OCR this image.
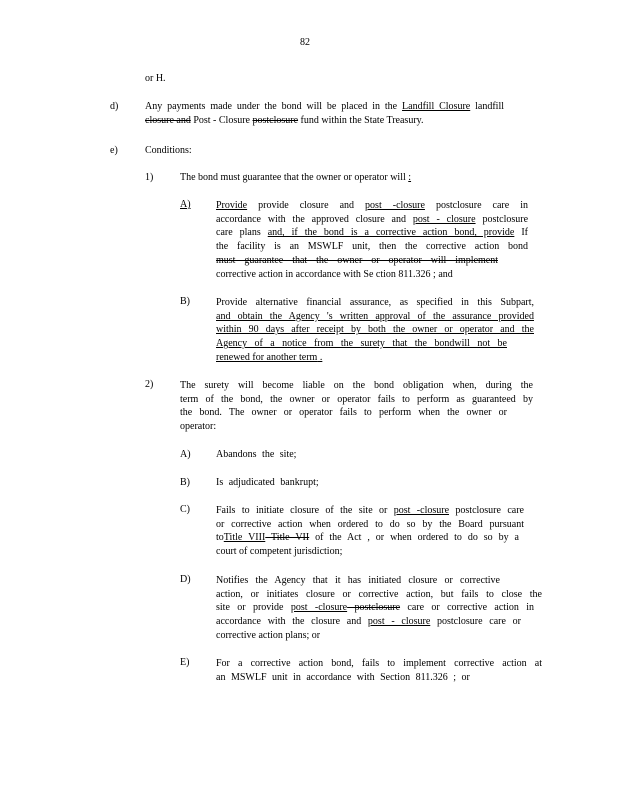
82
or H.
d)	Any payments made under the bond will be placed in the Landfill Closure landfill
closure and Post - Closure postclosure fund within the State Treasury.
e)	Conditions:
1)	The bond must guarantee that the owner or operator will :
A)	Provide provide closure and post -closure postclosure care in
accordance with the approved closure and post - closure postclosure
care plans and, if the bond is a corrective action bond, provide If
the facility is an MSWLF unit, then the corrective action bond
must guarantee that the owner or operator will implement
corrective action in accordance with Se ction 811.326 ; and
B)	Provide alternative financial assurance, as specified in this Subpart,
and obtain the Agency 's written approval of the assurance provided
within 90 days after receipt by both the owner or operator and the
Agency of a notice from the surety that the bondwill not be
renewed for another term .
2)	The surety will become liable on the bond obligation when, during the
term of the bond, the owner or operator fails to perform as guaranteed by
the bond. The owner or operator fails to perform when the owner or
operator:
A)	Abandons the site;
B)	Is adjudicated bankrupt;
C)	Fails to initiate closure of the site or post -closure postclosure care
or corrective action when ordered to do so by the Board pursuant
toTitle VIII Title VII of the Act , or when ordered to do so by a
court of competent jurisdiction;
D)	Notifies the Agency that it has initiated closure or corrective
action, or initiates closure or corrective action, but fails to close the
site or provide post -closure postclosure care or corrective action in
accordance with the closure and post - closure postclosure care or
corrective action plans; or
E)	For a corrective action bond, fails to implement corrective action at
an MSWLF unit in accordance with Section 811.326 ; or
